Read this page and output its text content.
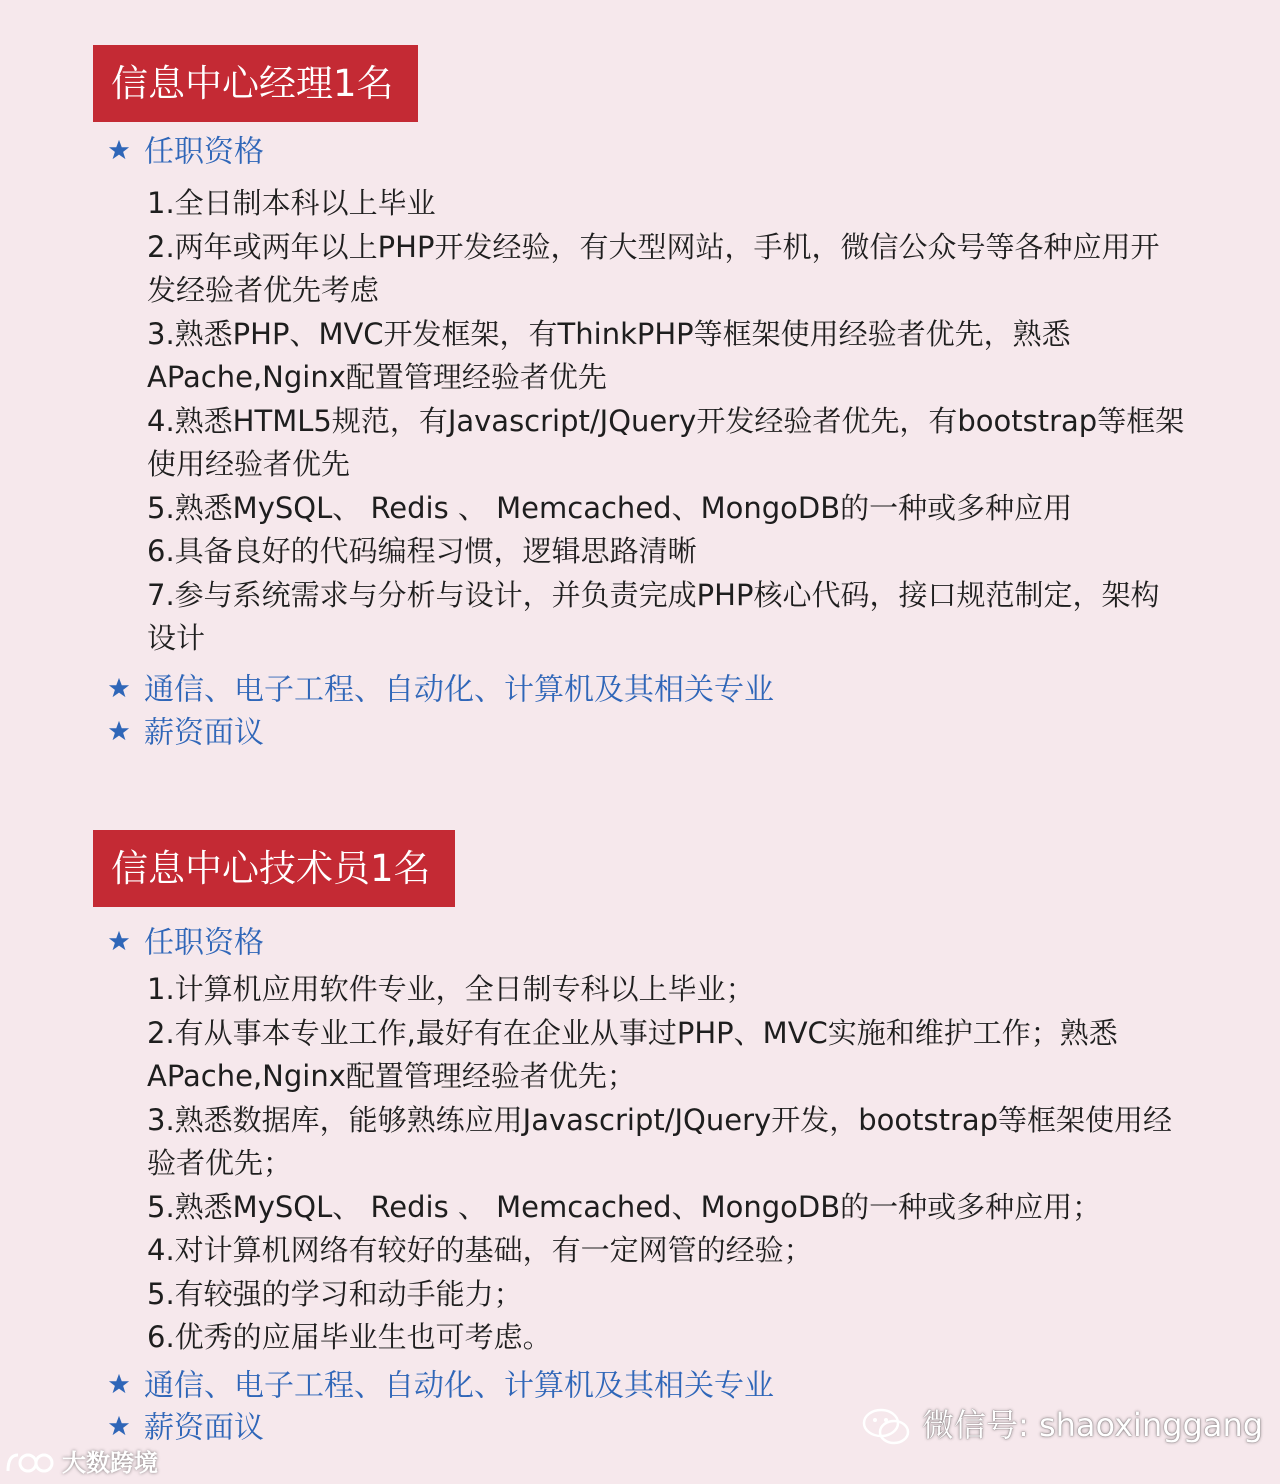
信息中心经理1名
任职资格
1.全日制本科以上毕业
2.两年或两年以上PHP开发经验，有大型网站，手机，微信公众号等各种应用开发经验者优先考虑
3.熟悉PHP、MVC开发框架，有ThinkPHP等框架使用经验者优先，熟悉APache,Nginx配置管理经验者优先
4.熟悉HTML5规范，有Javascript/JQuery开发经验者优先，有bootstrap等框架使用经验者优先
5.熟悉MySQL、 Redis 、 Memcached、MongoDB的一种或多种应用
6.具备良好的代码编程习惯，逻辑思路清晰
7.参与系统需求与分析与设计，并负责完成PHP核心代码，接口规范制定，架构设计
通信、电子工程、自动化、计算机及其相关专业
薪资面议
信息中心技术员1名
任职资格
1.计算机应用软件专业，全日制专科以上毕业；
2.有从事本专业工作,最好有在企业从事过PHP、MVC实施和维护工作；熟悉APache,Nginx配置管理经验者优先；
3.熟悉数据库，能够熟练应用Javascript/JQuery开发，bootstrap等框架使用经验者优先；
5.熟悉MySQL、 Redis 、 Memcached、MongoDB的一种或多种应用；
4.对计算机网络有较好的基础，有一定网管的经验；
5.有较强的学习和动手能力；
6.优秀的应届毕业生也可考虑。
通信、电子工程、自动化、计算机及其相关专业
薪资面议	微信号: shaoxinggang
大数跨境
